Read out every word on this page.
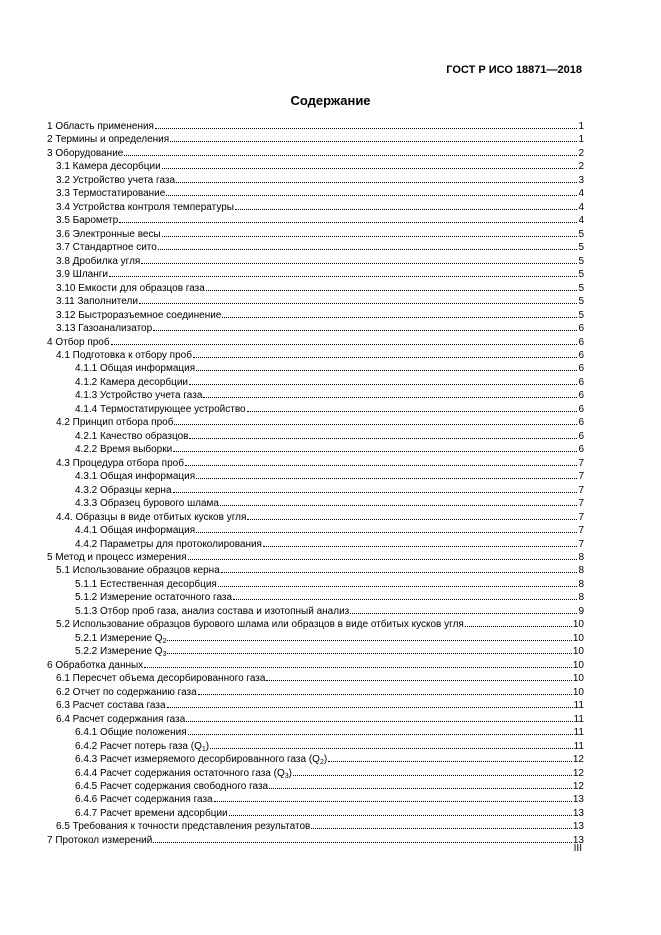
ГОСТ Р ИСО 18871—2018
Содержание
1 Область применения	1
2 Термины и определения	1
3 Оборудование	2
3.1 Камера десорбции	2
3.2 Устройство учета газа	3
3.3 Термостатирование	4
3.4 Устройства контроля температуры	4
3.5 Барометр	4
3.6 Электронные весы	5
3.7 Стандартное сито	5
3.8 Дробилка угля	5
3.9 Шланги	5
3.10 Емкости для образцов газа	5
3.11 Заполнители	5
3.12 Быстроразъемное соединение	5
3.13 Газоанализатор	6
4 Отбор проб	6
4.1 Подготовка к отбору проб	6
4.1.1 Общая информация	6
4.1.2 Камера десорбции	6
4.1.3 Устройство учета газа	6
4.1.4 Термостатирующее устройство	6
4.2 Принцип отбора проб	6
4.2.1 Качество образцов	6
4.2.2 Время выборки	6
4.3 Процедура отбора проб	7
4.3.1 Общая информация	7
4.3.2 Образцы керна	7
4.3.3 Образец бурового шлама	7
4.4. Образцы в виде отбитых кусков угля	7
4.4.1 Общая информация	7
4.4.2 Параметры для протоколирования	7
5 Метод и процесс измерения	8
5.1 Использование образцов керна	8
5.1.1 Естественная десорбция	8
5.1.2 Измерение остаточного газа	8
5.1.3 Отбор проб газа, анализ состава и изотопный анализ	9
5.2 Использование образцов бурового шлама или образцов в виде отбитых кусков угля	10
5.2.1 Измерение $Q_2$	10
5.2.2 Измерение $Q_3$	10
6 Обработка данных	10
6.1 Пересчет объема десорбированного газа	10
6.2 Отчет по содержанию газа	10
6.3 Расчет состава газа	11
6.4 Расчет содержания газа	11
6.4.1 Общие положения	11
6.4.2 Расчет потерь газа $(Q_1)$	11
6.4.3 Расчет измеряемого десорбированного газа $(Q_2)$	12
6.4.4 Расчет содержания остаточного газа $(Q_3)$	12
6.4.5 Расчет содержания свободного газа	12
6.4.6 Расчет содержания газа	13
6.4.7 Расчет времени адсорбции	13
6.5 Требования к точности представления результатов	13
7 Протокол измерений	13
III
